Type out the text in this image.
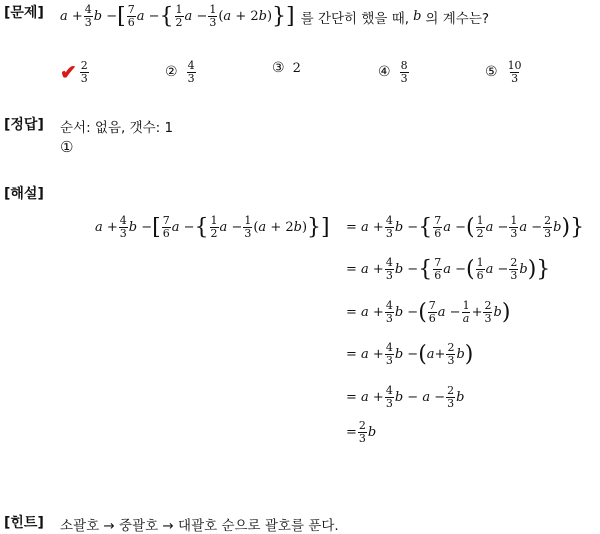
[문제] $a + \frac{4}{3}$ b − [ $\frac{7}{6}$ a − { $\frac{1}{2}$ $a - \frac{1}{3} (a + 2b)$ } ] 를 간단히 했을 때, b 의 계수는?
✔ $\frac{2}{3}$	② $\frac{4}{3}$	③ 2	④ $\frac{8}{3}$	⑤ $\frac{10}{3}$
[정답] 순서: 없음, 갯수: 1
①
[해설]
$a + \frac{4}{3}$ b − [ $\frac{7}{6}$ a − { $\frac{1}{2}$ $a - \frac{1}{3} (a + 2b)$ } ] = $a + \frac{4}{3}$ b − { $\frac{7}{6}$ a − ( $\frac{1}{2}$ $a - \frac{1}{3}$ $a - \frac{2}{3}$ b ) }
= $a + \frac{4}{3}$ b − { $\frac{7}{6}$ a − ( $\frac{1}{6}$ $a - \frac{2}{3}$ b ) }
= $a + \frac{4}{3}$ b − ( $\frac{7}{6}$ $a - \frac{1}{a} + \frac{2}{3}$ b )
= $a + \frac{4}{3}$ b − ( $a + \frac{2}{3}$ b )
= $a + \frac{4}{3}$ $b - a - \frac{2}{3}$ b
= $\frac{2}{3}$ b
[힌트] 소괄호 → 중괄호 → 대괄호 순으로 괄호를 푼다.
